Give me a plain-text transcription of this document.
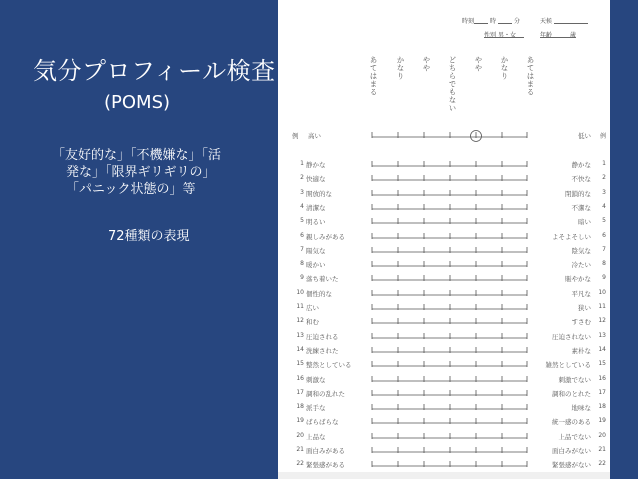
気分プロフィール検査
(POMS)
「友好的な」「不機嫌な」「活
発な」「限界ギリギリの」
「パニック状態の」等
72種類の表現
時刻	時	分	天候
性別 男・女	年齢	歳
あてはまる かなり やや どちらでもない やや かなり あてはまる
例 高い	低い	例
1 静かな	静かな	1
2 快適な	不快な	2
3 開放的な	閉鎖的な	3
4 清潔な	不潔な	4
5 明るい	暗い	5
6 親しみがある	よそよそしい	6
7 陽気な	陰気な	7
8 暖かい	冷たい	8
9 落ち着いた	賑やかな	9
10 個性的な	平凡な	10
11 広い	狭い	11
12 和む	すさむ	12
13 圧迫される	圧迫されない	13
14 洗練された	素朴な	14
15 整然としている	雑然としている	15
16 刺激な	刺激でない	16
17 調和の乱れた	調和のとれた	17
18 派手な	地味な	18
19 ばらばらな	統一感のある	19
20 上品な	上品でない	20
21 面白みがある	面白みがない	21
22 緊張感がある	緊張感がない	22
